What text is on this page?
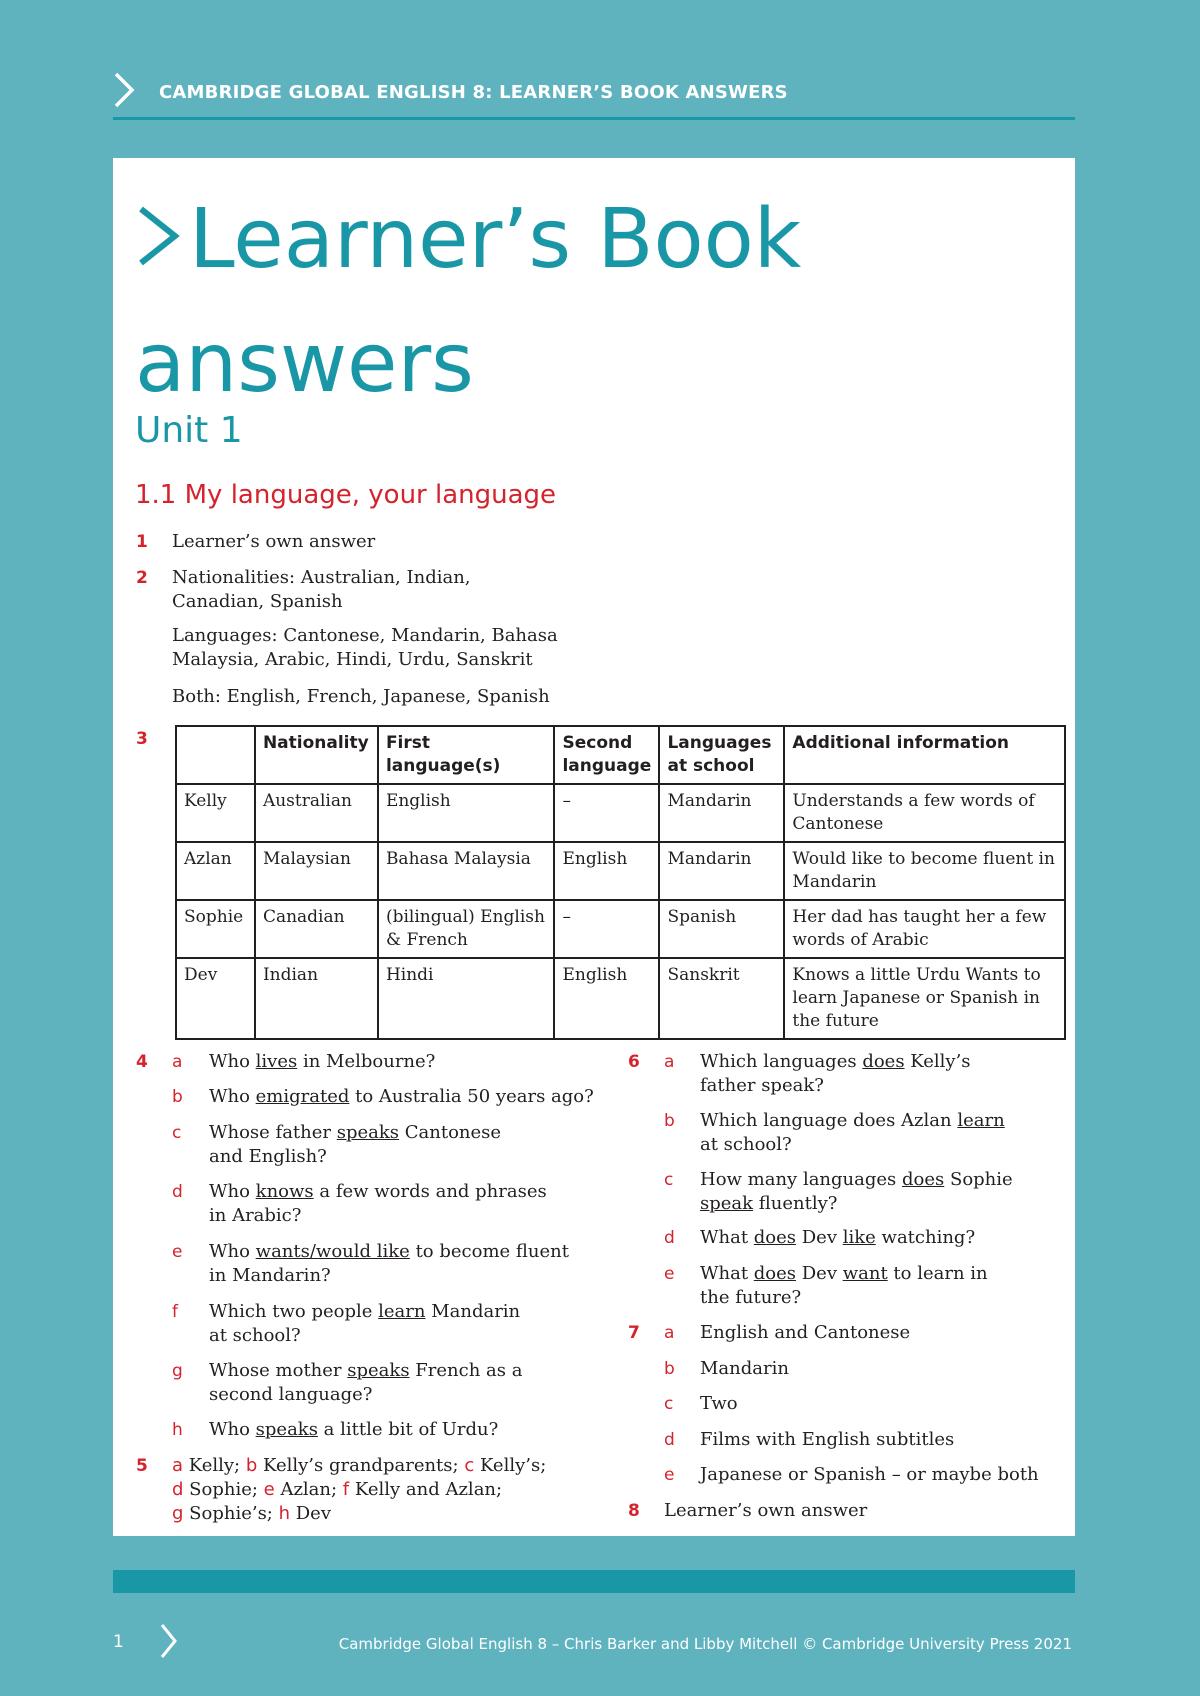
CAMBRIDGE GLOBAL ENGLISH 8: LEARNER’S BOOK ANSWERS
Learner’s Book
answers
Unit 1
1.1 My language, your language
1 Learner’s own answer
2 Nationalities: Australian, Indian,
Canadian, Spanish
Languages: Cantonese, Mandarin, Bahasa
Malaysia, Arabic, Hindi, Urdu, Sanskrit
Both: English, French, Japanese, Spanish
3
		Nationality	First language(s)	Second language	Languages at school	Additional information
Kelly	Australian	English	–	Mandarin	Understands a few words of Cantonese
Azlan	Malaysian	Bahasa Malaysia	English	Mandarin	Would like to become fluent in Mandarin
Sophie	Canadian	(bilingual) English & French	–	Spanish	Her dad has taught her a few words of Arabic
Dev	Indian	Hindi	English	Sanskrit	Knows a little Urdu Wants to learn Japanese or Spanish in the future
4 a Who lives in Melbourne?
b Who emigrated to Australia 50 years ago?
c Whose father speaks Cantonese
and English?
d Who knows a few words and phrases
in Arabic?
e Who wants/would like to become fluent
in Mandarin?
f Which two people learn Mandarin
at school?
g Whose mother speaks French as a
second language?
h Who speaks a little bit of Urdu?
5 a Kelly; b Kelly’s grandparents; c Kelly’s;
d Sophie; e Azlan; f Kelly and Azlan;
g Sophie’s; h Dev
6 a Which languages does Kelly’s
father speak?
b Which language does Azlan learn
at school?
c How many languages does Sophie
speak fluently?
d What does Dev like watching?
e What does Dev want to learn in
the future?
7 a English and Cantonese
b Mandarin
c Two
d Films with English subtitles
e Japanese or Spanish – or maybe both
8 Learner’s own answer
1	Cambridge Global English 8 – Chris Barker and Libby Mitchell © Cambridge University Press 2021
